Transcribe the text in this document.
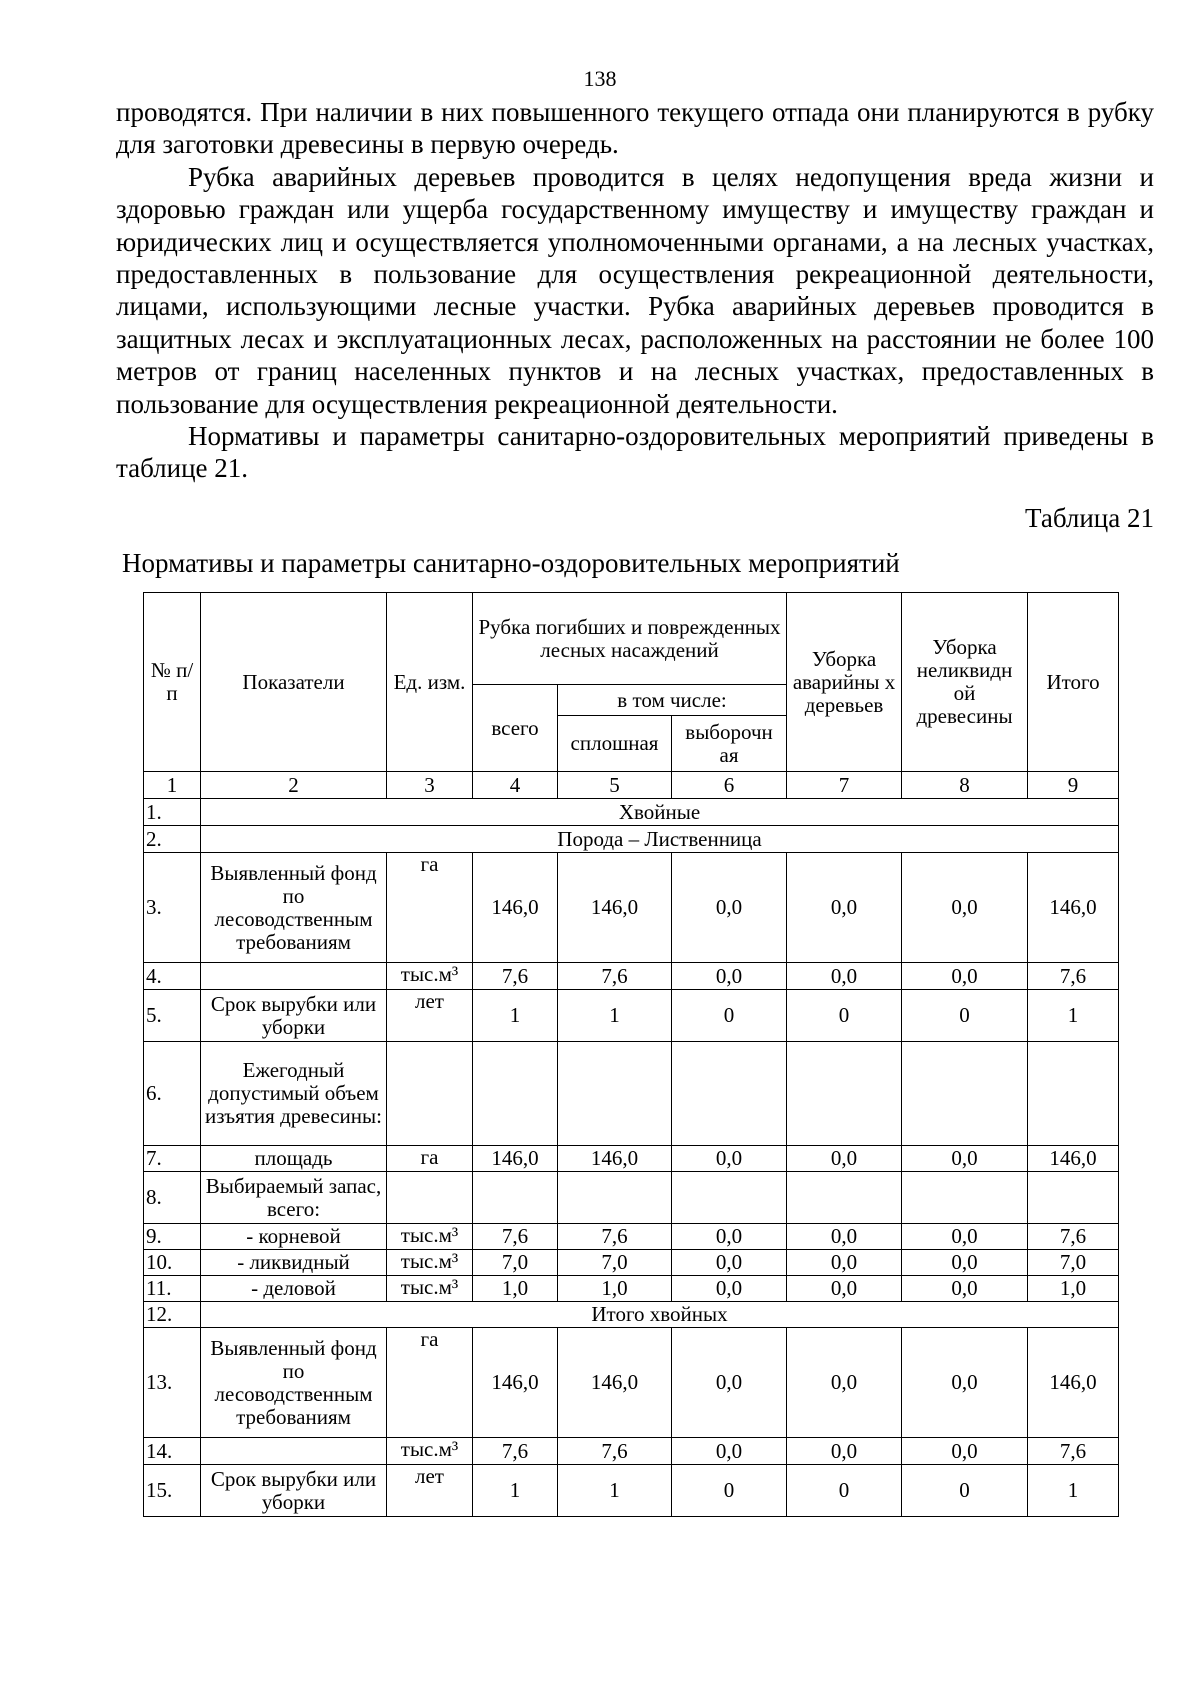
138

проводятся. При наличии в них повышенного текущего отпада они планируются в рубку для заготовки древесины в первую очередь.

Рубка аварийных деревьев проводится в целях недопущения вреда жизни и здоровью граждан или ущерба государственному имуществу и имуществу граждан и юридических лиц и осуществляется уполномоченными органами, а на лесных участках, предоставленных в пользование для осуществления рекреационной деятельности, лицами, использующими лесные участки. Рубка аварийных деревьев проводится в защитных лесах и эксплуатационных лесах, расположенных на расстоянии не более 100 метров от границ населенных пунктов и на лесных участках, предоставленных в пользование для осуществления рекреационной деятельности.

Нормативы и параметры санитарно-оздоровительных мероприятий приведены в таблице 21.

Таблица 21
Нормативы и параметры санитарно-оздоровительных мероприятий
№ п/п	Показатели	Ед. изм.	Рубка погибших и поврежденных лесных насаждений			Уборка аварийны х деревьев	Уборка неликвидн ой древесины	Итого
			всего	в том числе:				
				сплошная	выборочн ая			
1	2	3	4	5	6	7	8	9
1.	Хвойные							
2.	Порода – Лиственница							
3.	Выявленный фонд по лесоводственным требованиям	га	146,0	146,0	0,0	0,0	0,0	146,0
4.		тыс.м³	7,6	7,6	0,0	0,0	0,0	7,6
5.	Срок вырубки или уборки	лет	1	1	0	0	0	1
6.	Ежегодный допустимый объем изъятия древесины:							
7.	площадь	га	146,0	146,0	0,0	0,0	0,0	146,0
8.	Выбираемый запас, всего:							
9.	- корневой	тыс.м³	7,6	7,6	0,0	0,0	0,0	7,6
10.	- ликвидный	тыс.м³	7,0	7,0	0,0	0,0	0,0	7,0
11.	- деловой	тыс.м³	1,0	1,0	0,0	0,0	0,0	1,0
12.	Итого хвойных							
13.	Выявленный фонд по лесоводственным требованиям	га	146,0	146,0	0,0	0,0	0,0	146,0
14.		тыс.м³	7,6	7,6	0,0	0,0	0,0	7,6
15.	Срок вырубки или уборки	лет	1	1	0	0	0	1
